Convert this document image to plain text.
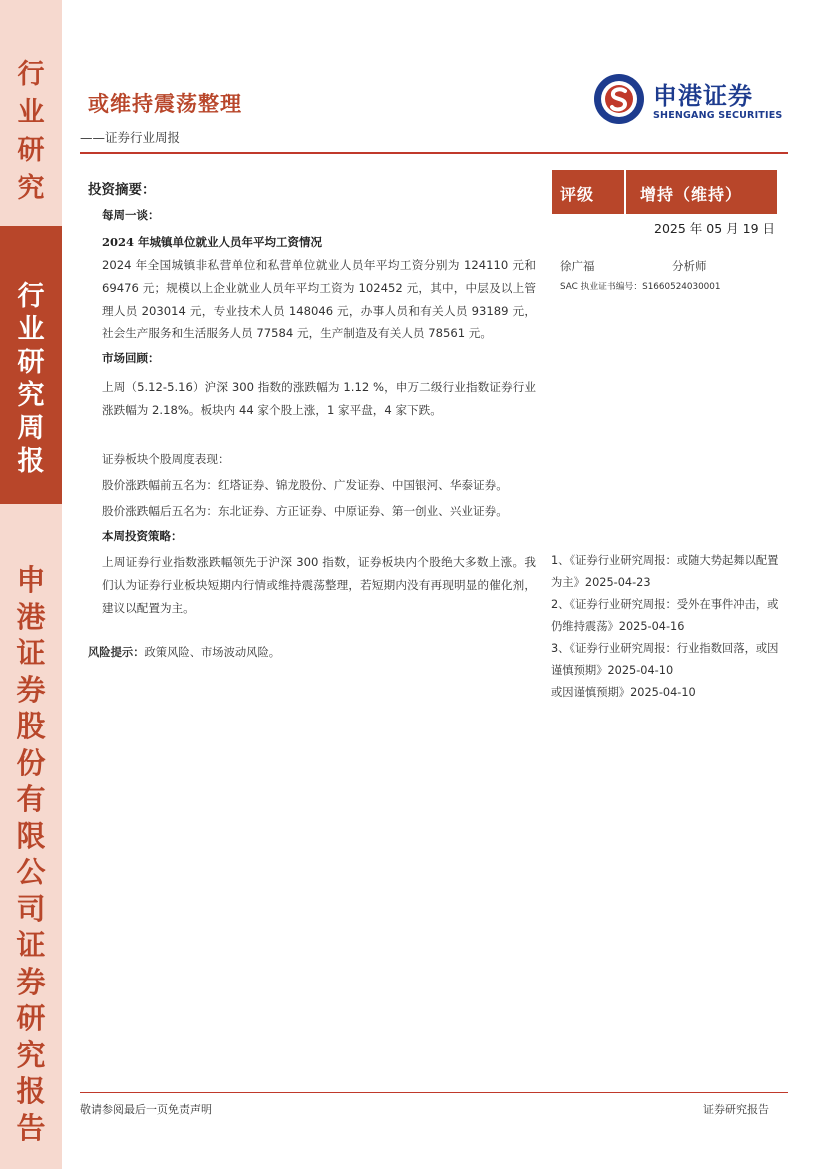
行
业
研
究
行
业
研
究
周
报
申
港
证
券
股
份
有
限
公
司
证
券
研
究
报
告
或维持震荡整理
——证券行业周报
申港证券
SHENGANG SECURITIES
投资摘要：
每周一谈：
2024 年城镇单位就业人员年平均工资情况
2024 年全国城镇非私营单位和私营单位就业人员年平均工资分别为 124110 元和 69476 元；规模以上企业就业人员年平均工资为 102452 元，其中，中层及以上管理人员 203014 元，专业技术人员 148046 元，办事人员和有关人员 93189 元，社会生产服务和生活服务人员 77584 元，生产制造及有关人员 78561 元。
市场回顾：
上周（5.12-5.16）沪深 300 指数的涨跌幅为 1.12 %，申万二级行业指数证券行业涨跌幅为 2.18%。板块内 44 家个股上涨，1 家平盘，4 家下跌。
证券板块个股周度表现：
股价涨跌幅前五名为：红塔证券、锦龙股份、广发证券、中国银河、华泰证券。
股价涨跌幅后五名为：东北证券、方正证券、中原证券、第一创业、兴业证券。
本周投资策略：
上周证券行业指数涨跌幅领先于沪深 300 指数，证券板块内个股绝大多数上涨。我们认为证券行业板块短期内行情或维持震荡整理，若短期内没有再现明显的催化剂，建议以配置为主。
风险提示：政策风险、市场波动风险。
评级	增持（维持）
2025 年 05 月 19 日
徐广福	分析师
SAC 执业证书编号：S1660524030001
1、《证券行业研究周报：或随大势起舞以配置为主》2025-04-23
2、《证券行业研究周报：受外在事件冲击，或仍维持震荡》2025-04-16
3、《证券行业研究周报：行业指数回落，或因谨慎预期》2025-04-10
或因谨慎预期》2025-04-10
敬请参阅最后一页免责声明	证券研究报告
